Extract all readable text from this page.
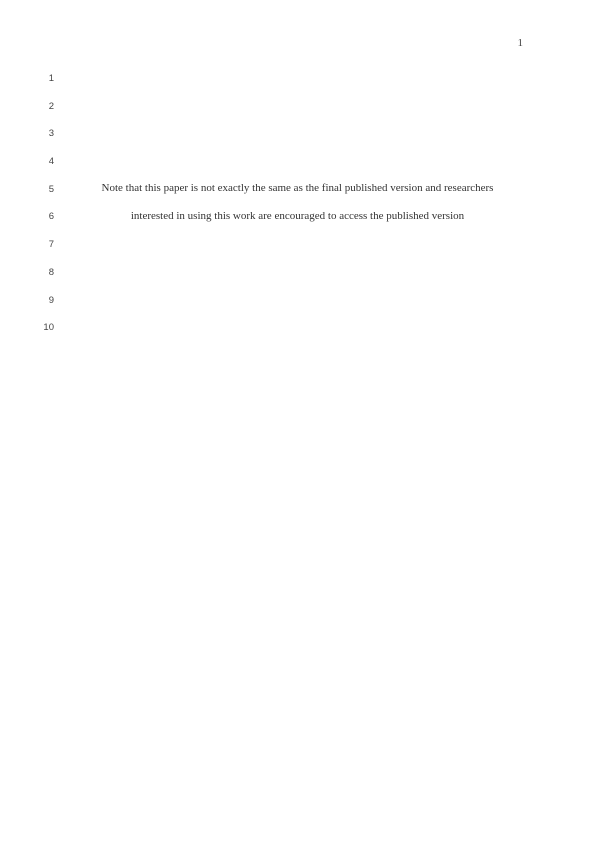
1
1
2
3
4
5
6
7
8
9
10
Note that this paper is not exactly the same as the final published version and researchers
interested in using this work are encouraged to access the published version
